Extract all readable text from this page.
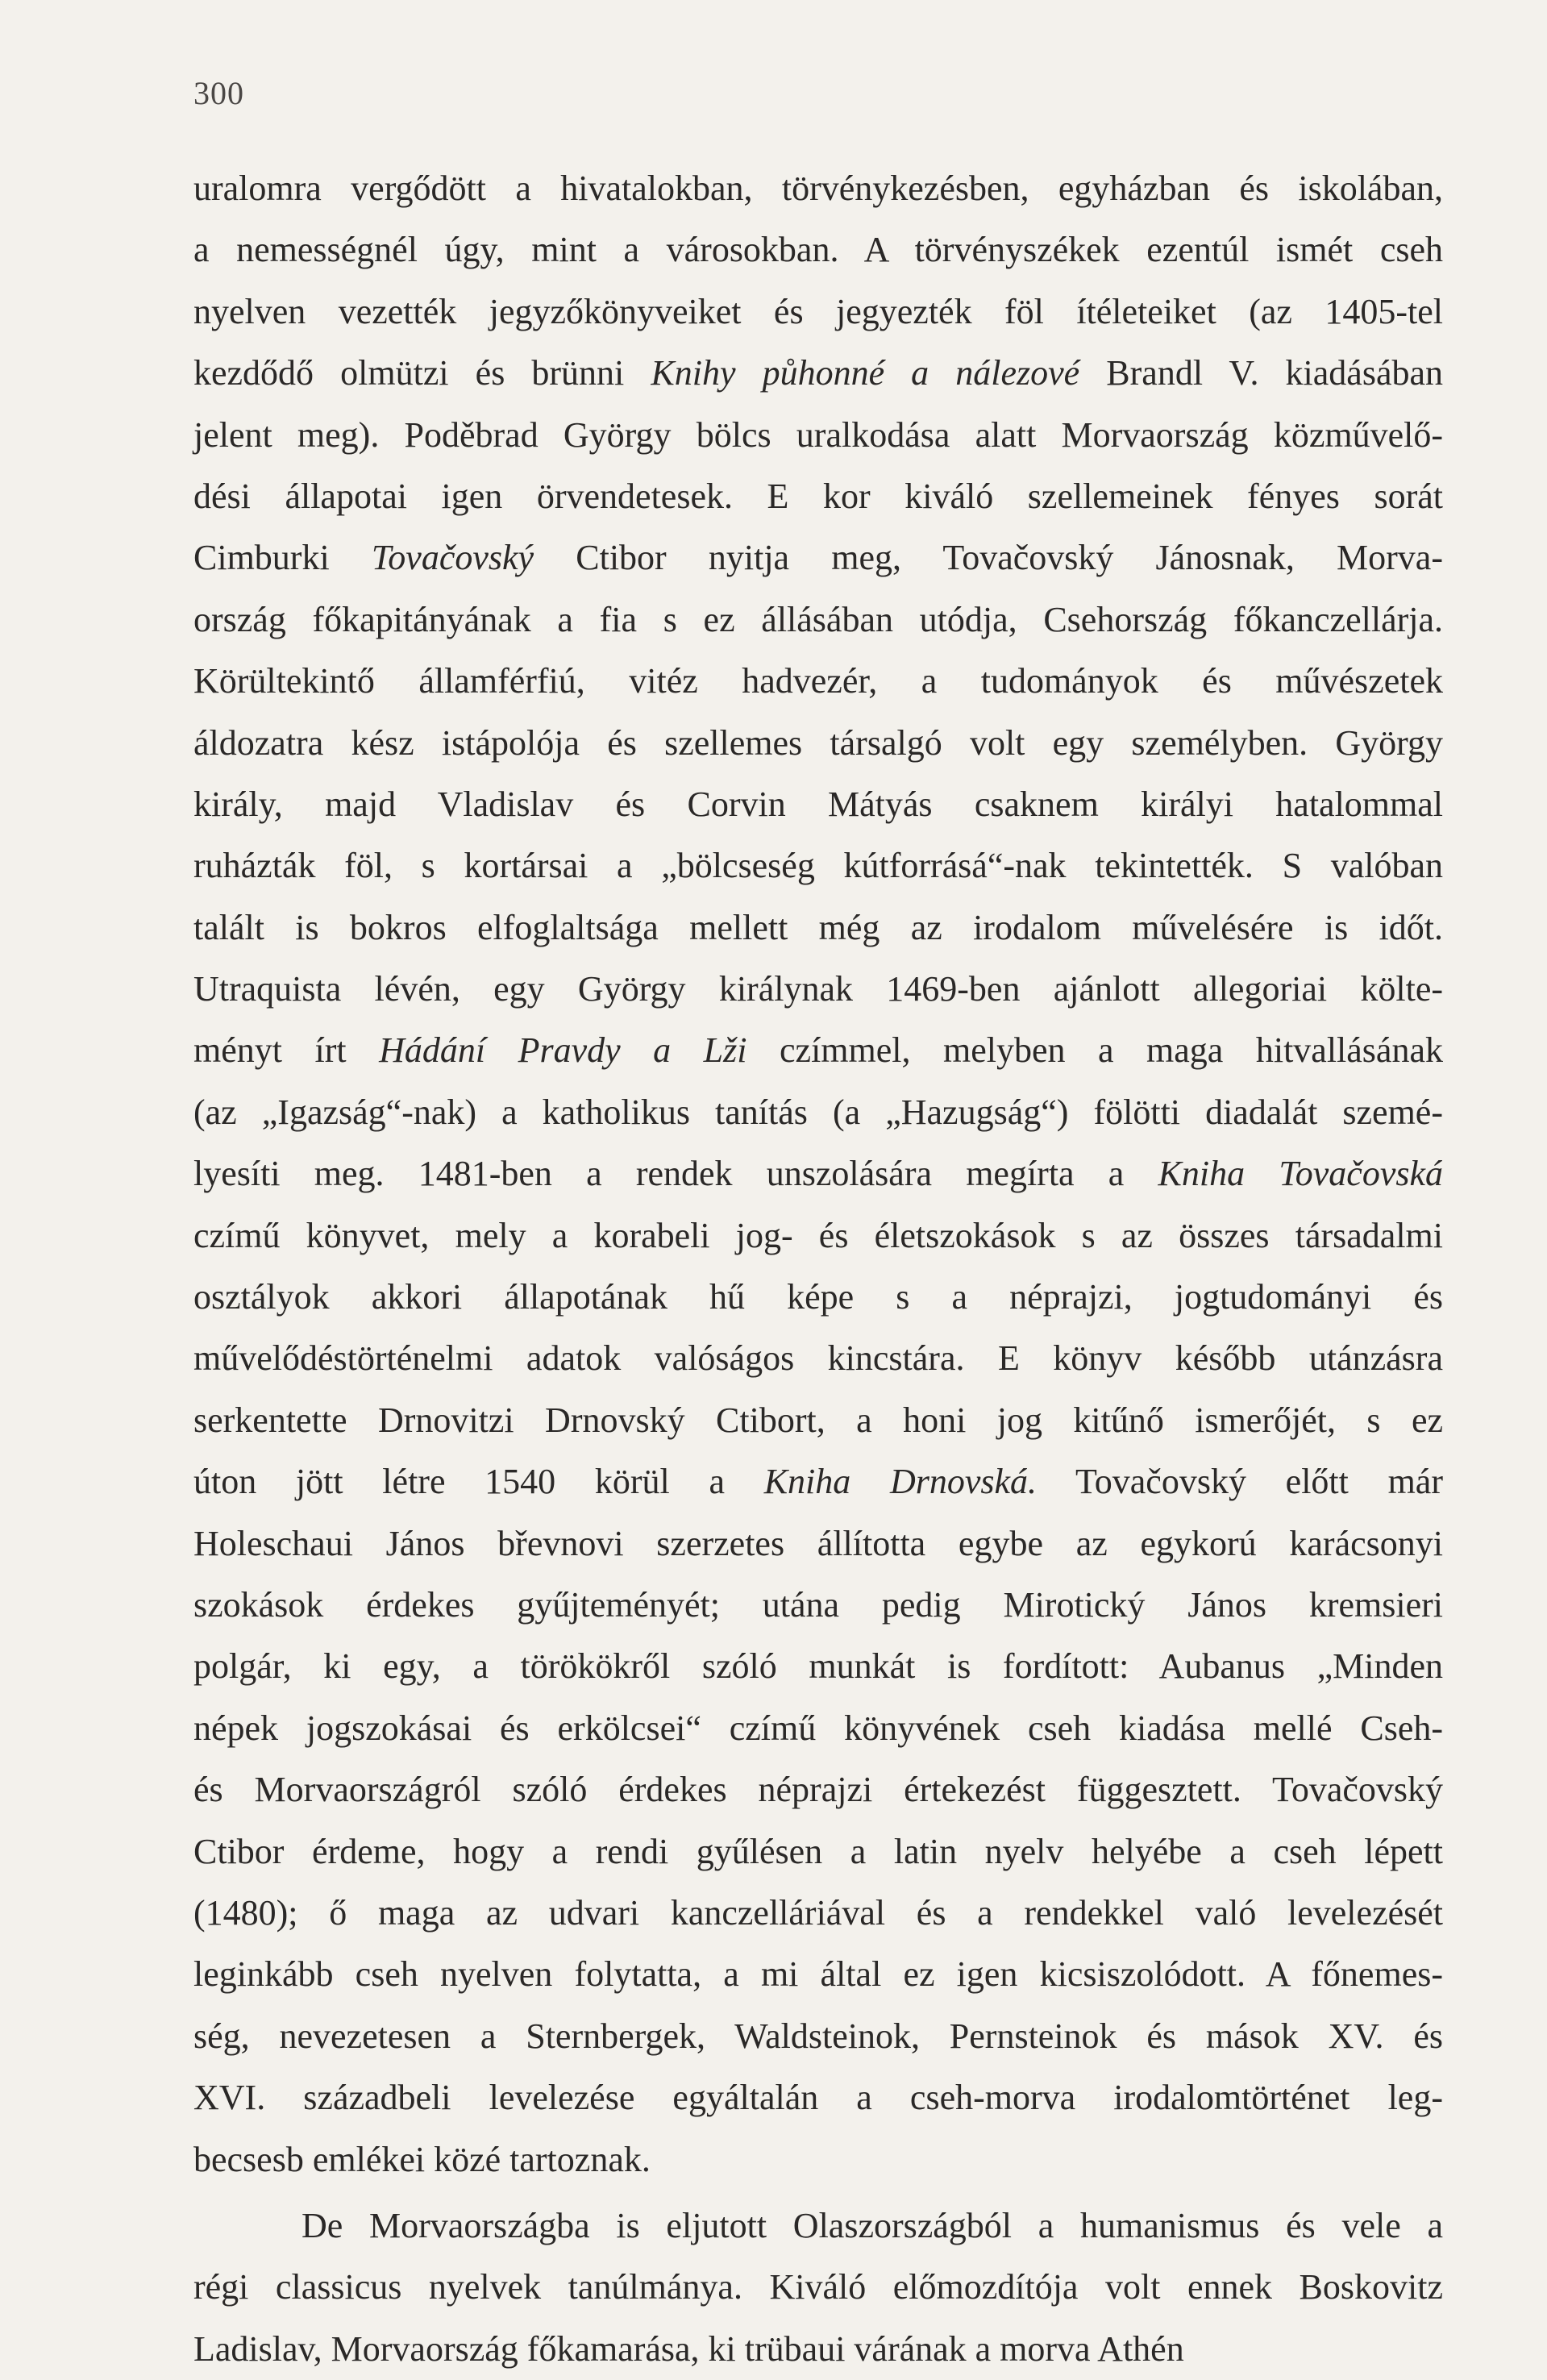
300
uralomra vergődött a hivatalokban, törvénykezésben, egyházban és iskolában,
a nemességnél úgy, mint a városokban. A törvényszékek ezentúl ismét cseh
nyelven vezették jegyzőkönyveiket és jegyezték föl ítéleteiket (az 1405-tel
kezdődő olmützi és brünni Knihy půhonné a nálezové Brandl V. kiadásában
jelent meg). Poděbrad György bölcs uralkodása alatt Morvaország közművelő-
dési állapotai igen örvendetesek. E kor kiváló szellemeinek fényes sorát
Cimburki Tovačovský Ctibor nyitja meg, Tovačovský Jánosnak, Morva-
ország főkapitányának a fia s ez állásában utódja, Csehország főkanczellárja.
Körültekintő államférfiú, vitéz hadvezér, a tudományok és művészetek
áldozatra kész istápolója és szellemes társalgó volt egy személyben. György
király, majd Vladislav és Corvin Mátyás csaknem királyi hatalommal
ruházták föl, s kortársai a „bölcseség kútforrásá“-nak tekintették. S valóban
talált is bokros elfoglaltsága mellett még az irodalom művelésére is időt.
Utraquista lévén, egy György királynak 1469-ben ajánlott allegoriai költe-
ményt írt Hádání Pravdy a Lži czímmel, melyben a maga hitvallásának
(az „Igazság“-nak) a katholikus tanítás (a „Hazugság“) fölötti diadalát szemé-
lyesíti meg. 1481-ben a rendek unszolására megírta a Kniha Tovačovská
czímű könyvet, mely a korabeli jog- és életszokások s az összes társadalmi
osztályok akkori állapotának hű képe s a néprajzi, jogtudományi és
művelődéstörténelmi adatok valóságos kincstára. E könyv később utánzásra
serkentette Drnovitzi Drnovský Ctibort, a honi jog kitűnő ismerőjét, s ez
úton jött létre 1540 körül a Kniha Drnovská. Tovačovský előtt már
Holeschaui János břevnovi szerzetes állította egybe az egykorú karácsonyi
szokások érdekes gyűjteményét; utána pedig Mirotický János kremsieri
polgár, ki egy, a törökökről szóló munkát is fordított: Aubanus „Minden
népek jogszokásai és erkölcsei“ czímű könyvének cseh kiadása mellé Cseh-
és Morvaországról szóló érdekes néprajzi értekezést függesztett. Tovačovský
Ctibor érdeme, hogy a rendi gyűlésen a latin nyelv helyébe a cseh lépett
(1480); ő maga az udvari kanczelláriával és a rendekkel való levelezését
leginkább cseh nyelven folytatta, a mi által ez igen kicsiszolódott. A főnemes-
ség, nevezetesen a Sternbergek, Waldsteinok, Pernsteinok és mások XV. és
XVI. századbeli levelezése egyáltalán a cseh-morva irodalomtörténet leg-
becsesb emlékei közé tartoznak.
De Morvaországba is eljutott Olaszországból a humanismus és vele a
régi classicus nyelvek tanúlmánya. Kiváló előmozdítója volt ennek Boskovitz
Ladislav, Morvaország főkamarása, ki trübaui várának a morva Athén
